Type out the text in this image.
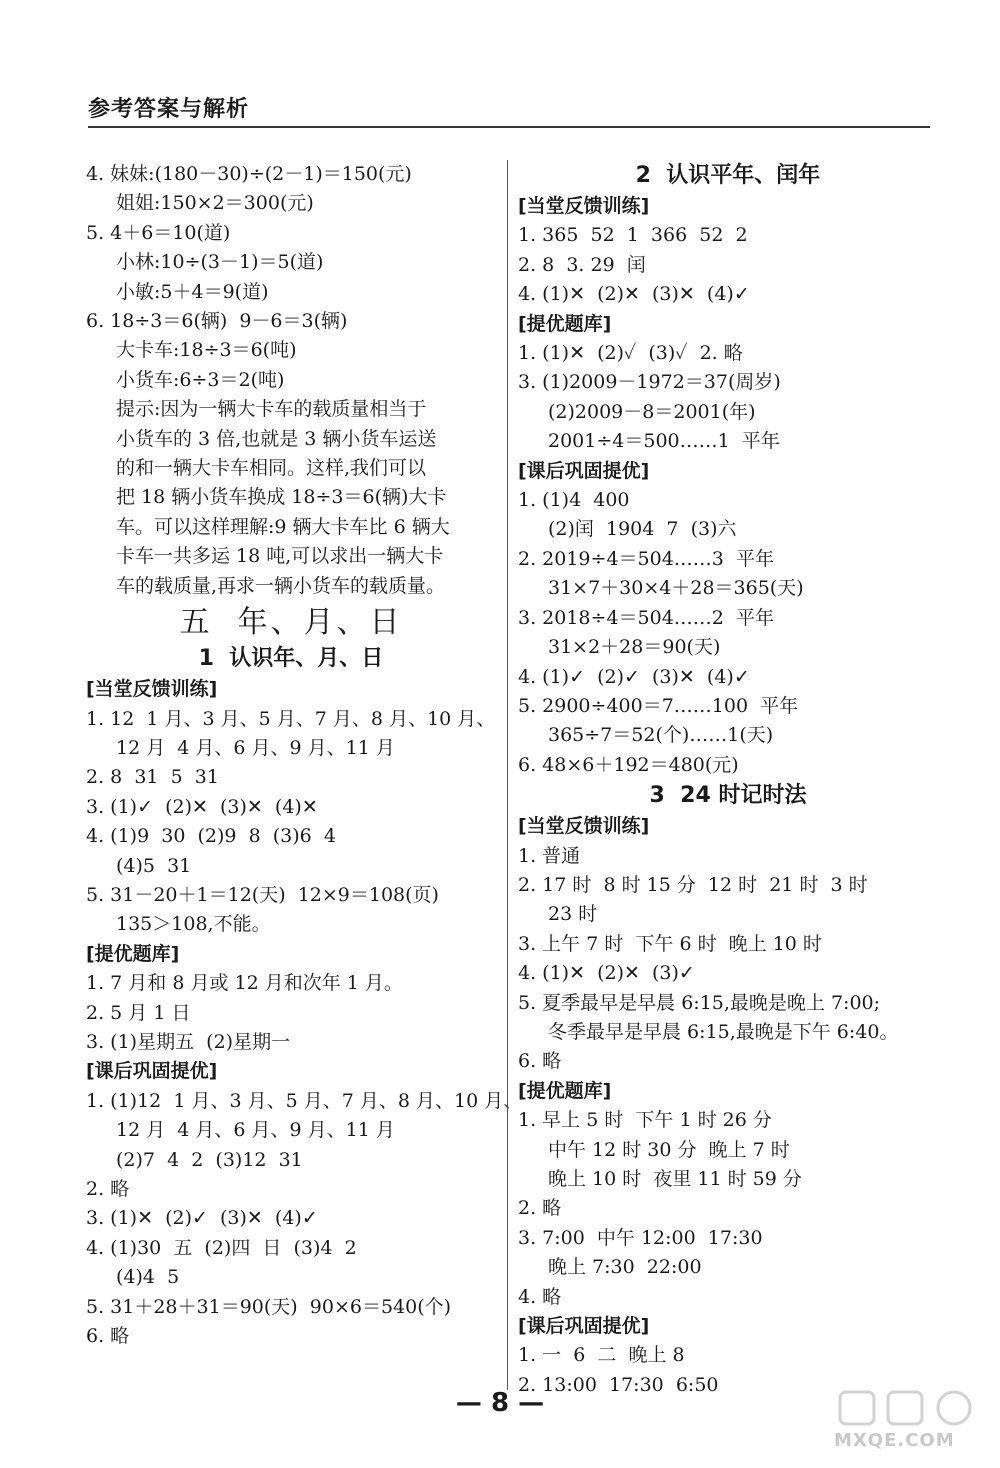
参考答案与解析
4. 妹妹:(180－30)÷(2－1)＝150(元)
姐姐:150×2＝300(元)
5. 4＋6＝10(道)
小林:10÷(3－1)＝5(道)
小敏:5＋4＝9(道)
6. 18÷3＝6(辆)  9－6＝3(辆)
大卡车:18÷3＝6(吨)
小货车:6÷3＝2(吨)
提示:因为一辆大卡车的载质量相当于
小货车的 3 倍,也就是 3 辆小货车运送
的和一辆大卡车相同。这样,我们可以
把 18 辆小货车换成 18÷3＝6(辆)大卡
车。可以这样理解:9 辆大卡车比 6 辆大
卡车一共多运 18 吨,可以求出一辆大卡
车的载质量,再求一辆小货车的载质量。
五  年、月、日
1  认识年、月、日
[当堂反馈训练]
1. 12  1 月、3 月、5 月、7 月、8 月、10 月、
12 月  4 月、6 月、9 月、11 月
2. 8  31  5  31
3. (1)✓  (2)✕  (3)✕  (4)✕
4. (1)9  30  (2)9  8  (3)6  4
(4)5  31
5. 31－20＋1＝12(天)  12×9＝108(页)
135＞108,不能。
[提优题库]
1. 7 月和 8 月或 12 月和次年 1 月。
2. 5 月 1 日
3. (1)星期五  (2)星期一
[课后巩固提优]
1. (1)12  1 月、3 月、5 月、7 月、8 月、10 月、
12 月  4 月、6 月、9 月、11 月
(2)7  4  2  (3)12  31
2. 略
3. (1)✕  (2)✓  (3)✕  (4)✓
4. (1)30  五  (2)四  日  (3)4  2
(4)4  5
5. 31＋28＋31＝90(天)  90×6＝540(个)
6. 略
2  认识平年、闰年
[当堂反馈训练]
1. 365  52  1  366  52  2
2. 8  3. 29  闰
4. (1)✕  (2)✕  (3)✕  (4)✓
[提优题库]
1. (1)✕  (2)✓  (3)✓  2. 略
3. (1)2009－1972＝37(周岁)
(2)2009－8＝2001(年)
2001÷4＝500……1  平年
[课后巩固提优]
1. (1)4  400
(2)闰  1904  7  (3)六
2. 2019÷4＝504……3  平年
31×7＋30×4＋28＝365(天)
3. 2018÷4＝504……2  平年
31×2＋28＝90(天)
4. (1)✓  (2)✓  (3)✕  (4)✓
5. 2900÷400＝7……100  平年
365÷7＝52(个)……1(天)
6. 48×6＋192＝480(元)
3  24 时记时法
[当堂反馈训练]
1. 普通
2. 17 时  8 时 15 分  12 时  21 时  3 时
23 时
3. 上午 7 时  下午 6 时  晚上 10 时
4. (1)✕  (2)✕  (3)✓
5. 夏季最早是早晨 6:15,最晚是晚上 7:00;
冬季最早是早晨 6:15,最晚是下午 6:40。
6. 略
[提优题库]
1. 早上 5 时  下午 1 时 26 分
中午 12 时 30 分  晚上 7 时
晚上 10 时  夜里 11 时 59 分
2. 略
3. 7:00  中午 12:00  17:30
晚上 7:30  22:00
4. 略
[课后巩固提优]
1. 一  6  二  晚上 8
2. 13:00  17:30  6:50
— 8 —
MXQE.COM
